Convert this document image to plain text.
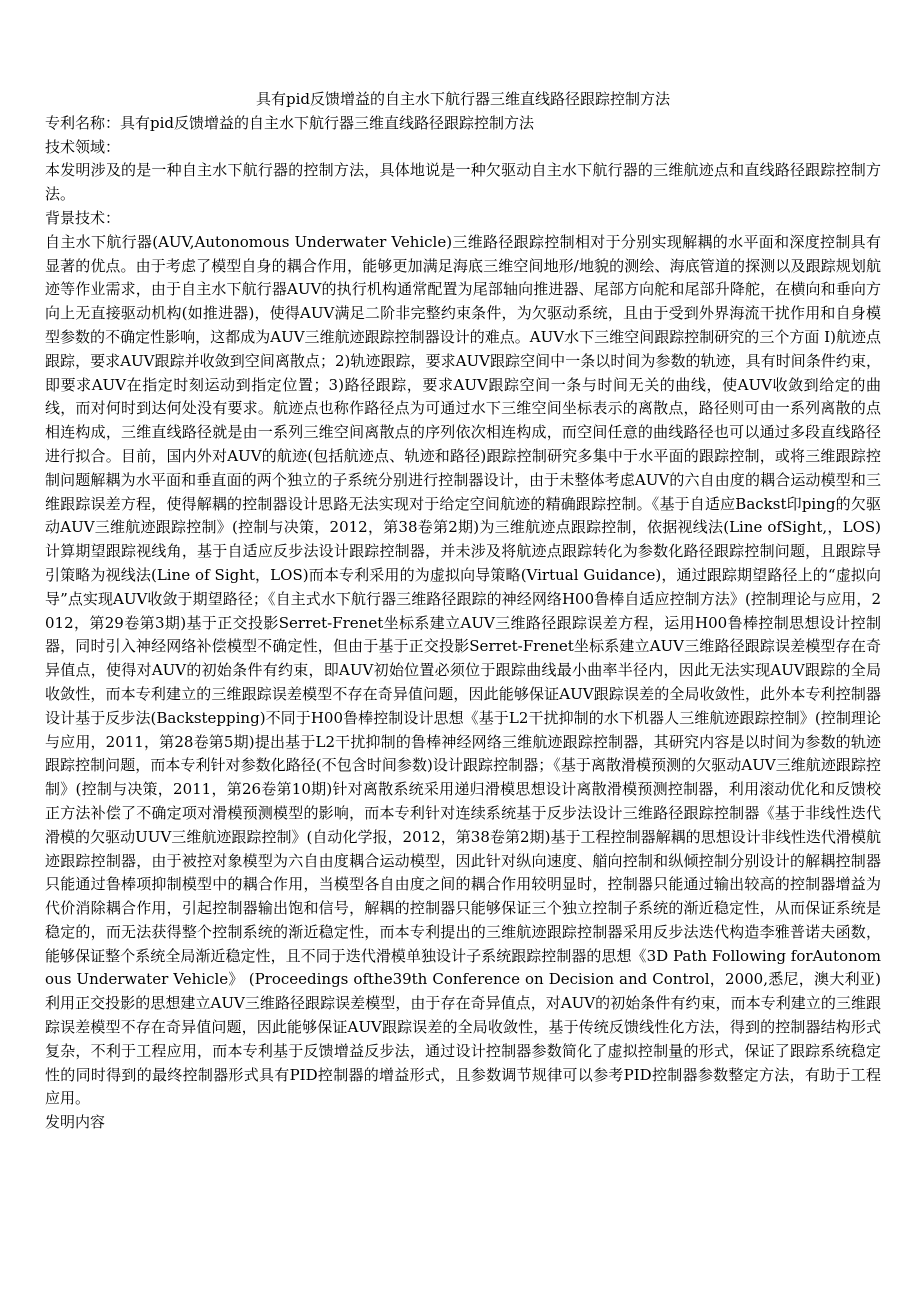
具有pid反馈增益的自主水下航行器三维直线路径跟踪控制方法

专利名称：具有pid反馈增益的自主水下航行器三维直线路径跟踪控制方法

技术领域：

本发明涉及的是一种自主水下航行器的控制方法，具体地说是一种欠驱动自主水下航行器的三维航迹点和直线路径跟踪控制方法。

背景技术：

自主水下航行器(AUV,Autonomous Underwater Vehicle)三维路径跟踪控制相对于分别实现解耦的水平面和深度控制具有显著的优点。由于考虑了模型自身的耦合作用，能够更加满足海底三维空间地形/地貌的测绘、海底管道的探测以及跟踪规划航迹等作业需求，由于自主水下航行器AUV的执行机构通常配置为尾部轴向推进器、尾部方向舵和尾部升降舵，在横向和垂向方向上无直接驱动机构(如推进器)，使得AUV满足二阶非完整约束条件，为欠驱动系统，且由于受到外界海流干扰作用和自身模型参数的不确定性影响，这都成为AUV三维航迹跟踪控制器设计的难点。AUV水下三维空间跟踪控制研究的三个方面 I)航迹点跟踪，要求AUV跟踪并收敛到空间离散点；2)轨迹跟踪，要求AUV跟踪空间中一条以时间为参数的轨迹，具有时间条件约束，即要求AUV在指定时刻运动到指定位置；3)路径跟踪，要求AUV跟踪空间一条与时间无关的曲线，使AUV收敛到给定的曲线，而对何时到达何处没有要求。航迹点也称作路径点为可通过水下三维空间坐标表示的离散点，路径则可由一系列离散的点相连构成，三维直线路径就是由一系列三维空间离散点的序列依次相连构成，而空间任意的曲线路径也可以通过多段直线路径进行拟合。目前，国内外对AUV的航迹(包括航迹点、轨迹和路径)跟踪控制研究多集中于水平面的跟踪控制，或将三维跟踪控制问题解耦为水平面和垂直面的两个独立的子系统分别进行控制器设计，由于未整体考虑AUV的六自由度的耦合运动模型和三维跟踪误差方程，使得解耦的控制器设计思路无法实现对于给定空间航迹的精确跟踪控制。《基于自适应Backst印ping的欠驱动AUV三维航迹跟踪控制》(控制与决策，2012，第38卷第2期)为三维航迹点跟踪控制，依据视线法(Line ofSight,，LOS)计算期望跟踪视线角，基于自适应反步法设计跟踪控制器，并未涉及将航迹点跟踪转化为参数化路径跟踪控制问题，且跟踪导引策略为视线法(Line of Sight，LOS)而本专利采用的为虚拟向导策略(Virtual Guidance)，通过跟踪期望路径上的“虚拟向导”点实现AUV收敛于期望路径；《自主式水下航行器三维路径跟踪的神经网络H00鲁棒自适应控制方法》(控制理论与应用，2012，第29卷第3期)基于正交投影Serret-Frenet坐标系建立AUV三维路径跟踪误差方程，运用H00鲁棒控制思想设计控制器，同时引入神经网络补偿模型不确定性，但由于基于正交投影Serret-Frenet坐标系建立AUV三维路径跟踪误差模型存在奇异值点，使得对AUV的初始条件有约束，即AUV初始位置必须位于跟踪曲线最小曲率半径内，因此无法实现AUV跟踪的全局收敛性，而本专利建立的三维跟踪误差模型不存在奇异值问题，因此能够保证AUV跟踪误差的全局收敛性，此外本专利控制器设计基于反步法(Backstepping)不同于H00鲁棒控制设计思想《基于L2干扰抑制的水下机器人三维航迹跟踪控制》(控制理论与应用，2011，第28卷第5期)提出基于L2干扰抑制的鲁棒神经网络三维航迹跟踪控制器，其研究内容是以时间为参数的轨迹跟踪控制问题，而本专利针对参数化路径(不包含时间参数)设计跟踪控制器；《基于离散滑模预测的欠驱动AUV三维航迹跟踪控制》(控制与决策，2011，第26卷第10期)针对离散系统采用递归滑模思想设计离散滑模预测控制器，利用滚动优化和反馈校正方法补偿了不确定项对滑模预测模型的影响，而本专利针对连续系统基于反步法设计三维路径跟踪控制器《基于非线性迭代滑模的欠驱动UUV三维航迹跟踪控制》(自动化学报，2012，第38卷第2期)基于工程控制器解耦的思想设计非线性迭代滑模航迹跟踪控制器，由于被控对象模型为六自由度耦合运动模型，因此针对纵向速度、艏向控制和纵倾控制分别设计的解耦控制器只能通过鲁棒项抑制模型中的耦合作用，当模型各自由度之间的耦合作用较明显时，控制器只能通过输出较高的控制器增益为代价消除耦合作用，引起控制器输出饱和信号，解耦的控制器只能够保证三个独立控制子系统的渐近稳定性，从而保证系统是稳定的，而无法获得整个控制系统的渐近稳定性，而本专利提出的三维航迹跟踪控制器采用反步法迭代构造李雅普诺夫函数，能够保证整个系统全局渐近稳定性，且不同于迭代滑模单独设计子系统跟踪控制器的思想《3D Path Following forAutonomous Underwater Vehicle》 (Proceedings ofthe39th Conference on Decision and Control，2000,悉尼，澳大利亚)利用正交投影的思想建立AUV三维路径跟踪误差模型，由于存在奇异值点，对AUV的初始条件有约束，而本专利建立的三维跟踪误差模型不存在奇异值问题，因此能够保证AUV跟踪误差的全局收敛性，基于传统反馈线性化方法，得到的控制器结构形式复杂，不利于工程应用，而本专利基于反馈增益反步法，通过设计控制器参数简化了虚拟控制量的形式，保证了跟踪系统稳定性的同时得到的最终控制器形式具有PID控制器的增益形式，且参数调节规律可以参考PID控制器参数整定方法，有助于工程应用。

发明内容
